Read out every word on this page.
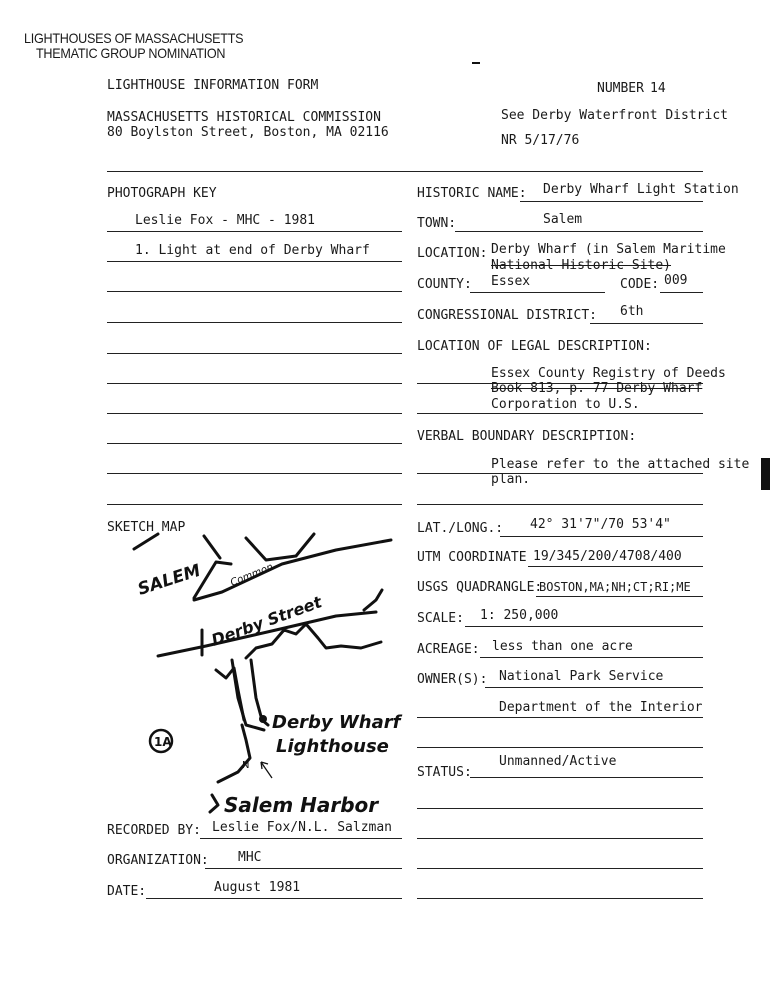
LIGHTHOUSES OF MASSACHUSETTS
THEMATIC GROUP NOMINATION
LIGHTHOUSE INFORMATION FORM	NUMBER 14
MASSACHUSETTS HISTORICAL COMMISSION
80 Boylston Street, Boston, MA 02116
See Derby Waterfront District
NR 5/17/76
PHOTOGRAPH KEY
Leslie Fox - MHC - 1981
1. Light at end of Derby Wharf
SKETCH MAP
1A
N
SALEM	Common
Derby Street
Derby Wharf
Lighthouse
Salem Harbor
RECORDED BY: Leslie Fox/N.L. Salzman
ORGANIZATION: MHC
DATE:	August 1981
HISTORIC NAME: Derby Wharf Light Station
TOWN:	Salem
LOCATION: Derby Wharf (in Salem Maritime
National Historic Site)
COUNTY: Essex	CODE: 009
CONGRESSIONAL DISTRICT: 6th
LOCATION OF LEGAL DESCRIPTION:
Essex County Registry of Deeds
Book 813, p. 77 Derby Wharf
Corporation to U.S.
VERBAL BOUNDARY DESCRIPTION:
Please refer to the attached site
plan.
LAT./LONG.: 42° 31'7"/70 53'4"
UTM COORDINATE 19/345/200/4708/400
USGS QUADRANGLE:
BOSTON,MA;NH;CT;RI;ME
SCALE: 1: 250,000
ACREAGE: less than one acre
OWNER(S): National Park Service
Department of the Interior
STATUS:
Unmanned/Active
